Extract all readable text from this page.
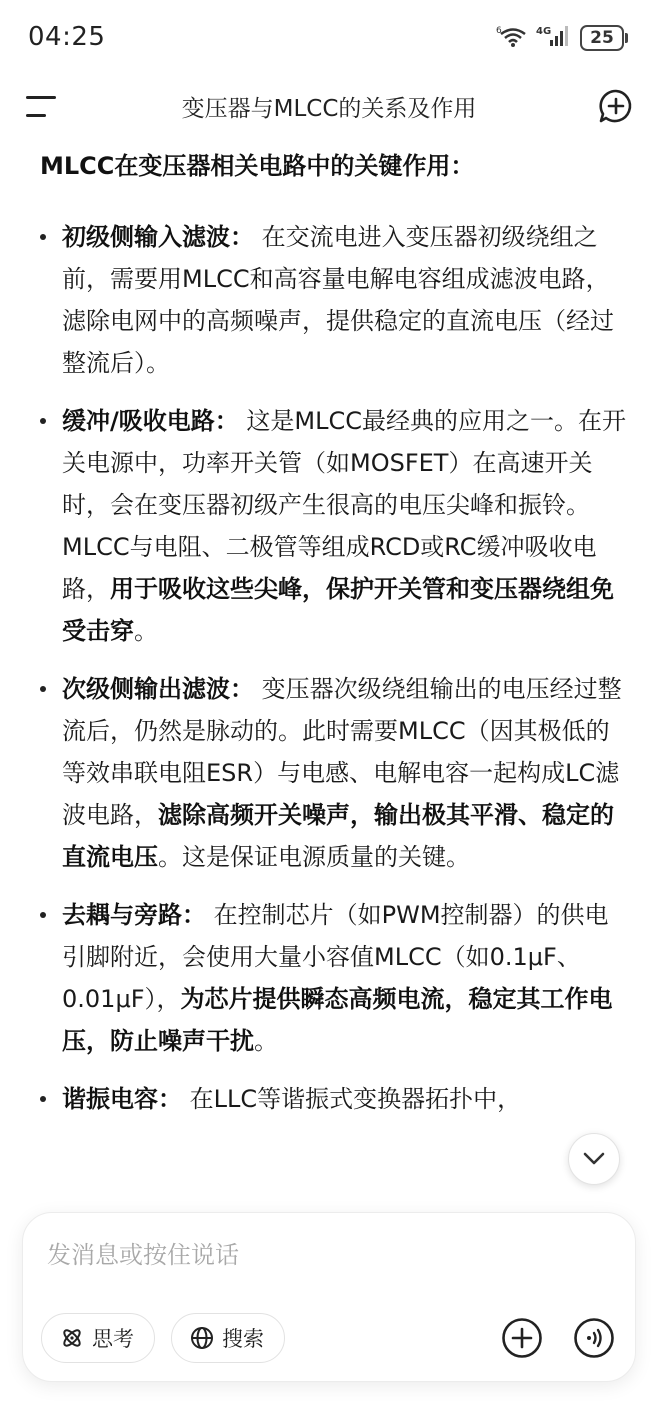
04:25	6	4G	25
变压器与MLCC的关系及作用
MLCC在变压器相关电路中的关键作用：
初级侧输入滤波： 在交流电进入变压器初级绕组之前，需要用MLCC和高容量电解电容组成滤波电路，滤除电网中的高频噪声，提供稳定的直流电压（经过整流后）。
缓冲/吸收电路： 这是MLCC最经典的应用之一。在开关电源中，功率开关管（如MOSFET）在高速开关时，会在变压器初级产生很高的电压尖峰和振铃。MLCC与电阻、二极管等组成RCD或RC缓冲吸收电路，用于吸收这些尖峰，保护开关管和变压器绕组免受击穿。
次级侧输出滤波： 变压器次级绕组输出的电压经过整流后，仍然是脉动的。此时需要MLCC（因其极低的等效串联电阻ESR）与电感、电解电容一起构成LC滤波电路，滤除高频开关噪声，输出极其平滑、稳定的直流电压。这是保证电源质量的关键。
去耦与旁路： 在控制芯片（如PWM控制器）的供电引脚附近，会使用大量小容值MLCC（如0.1μF、0.01μF），为芯片提供瞬态高频电流，稳定其工作电压，防止噪声干扰。
谐振电容： 在LLC等谐振式变换器拓扑中，
发消息或按住说话
思考	搜索
